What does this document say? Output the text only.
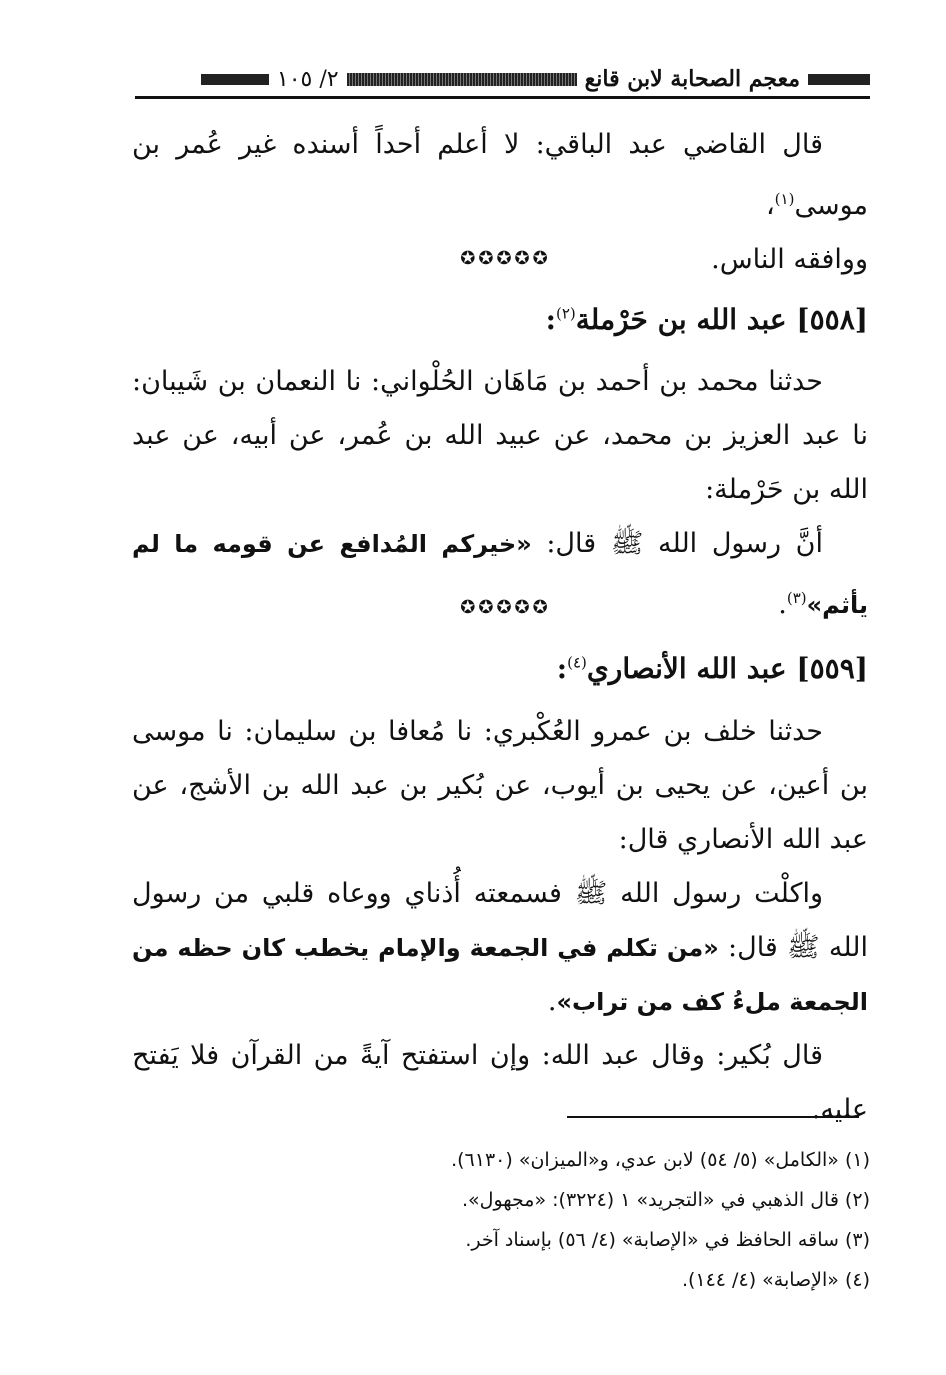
معجم الصحابة لابن قانع
٢/ ١٠٥

قال القاضي عبد الباقي: لا أعلم أحداً أسنده غير عُمر بن موسى$^{(١)}$،

ووافقه الناس.

✪✪✪✪✪
[٥٥٨] عبد الله بن حَرْملة$^{(٢)}$:

حدثنا محمد بن أحمد بن مَاهَان الحُلْواني: نا النعمان بن شَيبان: نا عبد العزيز بن محمد، عن عبيد الله بن عُمر، عن أبيه، عن عبد الله بن حَرْملة:

أنَّ رسول الله ﷺ قال: «خيركم المُدافع عن قومه ما لم يأثم»$^{(٣)}$.

✪✪✪✪✪
[٥٥٩] عبد الله الأنصاري$^{(٤)}$:

حدثنا خلف بن عمرو العُكْبري: نا مُعافا بن سليمان: نا موسى بن أعين، عن يحيى بن أيوب، عن بُكير بن عبد الله بن الأشج، عن عبد الله الأنصاري قال:

واكلْت رسول الله ﷺ فسمعته أُذناي ووعاه قلبي من رسول الله ﷺ قال: «من تكلم في الجمعة والإمام يخطب كان حظه من الجمعة ملءُ كف من تراب».

قال بُكير: وقال عبد الله: وإن استفتح آيةً من القرآن فلا يَفتح عليه.

(١) «الكامل» (٥/ ٥٤) لابن عدي، و«الميزان» (٦١٣٠).
(٢) قال الذهبي في «التجريد» ١ (٣٢٢٤): «مجهول».
(٣) ساقه الحافظ في «الإصابة» (٤/ ٥٦) بإسناد آخر.
(٤) «الإصابة» (٤/ ١٤٤).
